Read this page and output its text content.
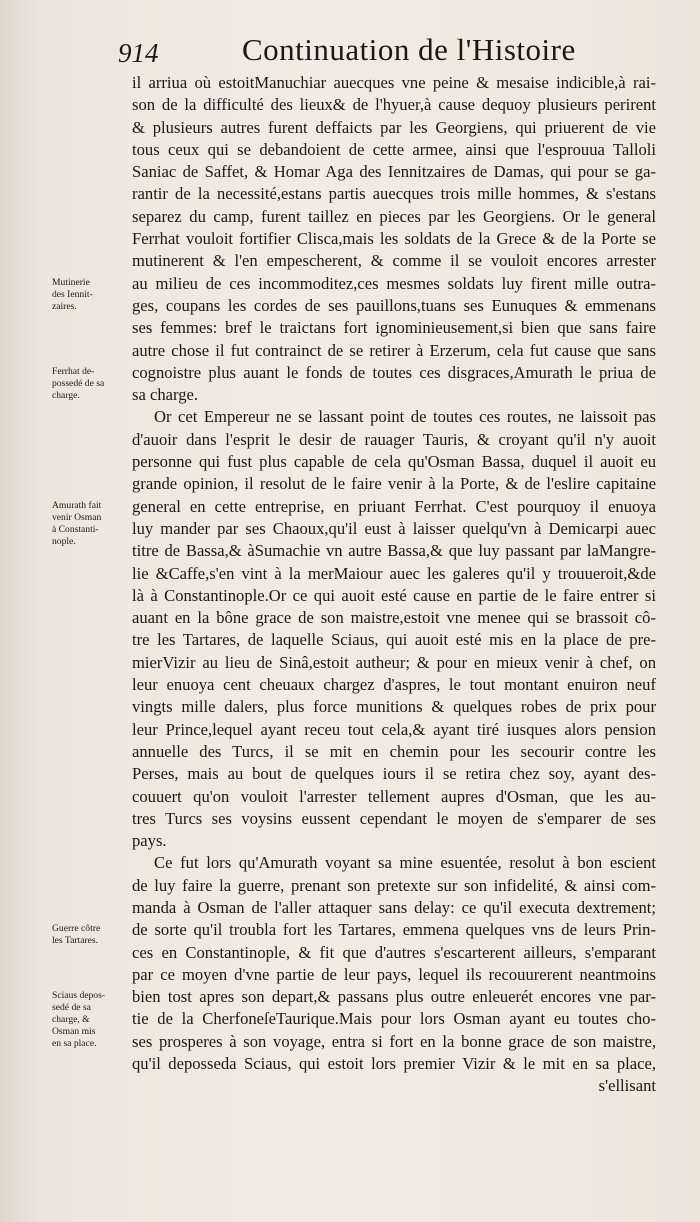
914	Continuation de l'Histoire
il arriua où estoitManuchiar auecques vne peine & mesaise indicible,à rai-
son de la difficulté des lieux& de l'hyuer,à cause dequoy plusieurs perirent
& plusieurs autres furent deffaicts par les Georgiens, qui priuerent de vie
tous ceux qui se debandoient de cette armee, ainsi que l'esprouua Talloli
Saniac de Saffet, & Homar Aga des Iennitzaires de Damas, qui pour se ga-
rantir de la necessité,estans partis auecques trois mille hommes, & s'estans
separez du camp, furent taillez en pieces par les Georgiens. Or le general
Ferrhat vouloit fortifier Clisca,mais les soldats de la Grece & de la Porte se
mutinerent & l'en empescherent, & comme il se vouloit encores arrester
au milieu de ces incommoditez,ces mesmes soldats luy firent mille outra-
ges, coupans les cordes de ses pauillons,tuans ses Eunuques & emmenans
ses femmes: bref le traictans fort ignominieusement,si bien que sans faire
autre chose il fut contrainct de se retirer à Erzerum, cela fut cause que sans
cognoistre plus auant le fonds de toutes ces disgraces,Amurath le priua de
sa charge.
Or cet Empereur ne se lassant point de toutes ces routes, ne laissoit pas
d'auoir dans l'esprit le desir de rauager Tauris, & croyant qu'il n'y auoit
personne qui fust plus capable de cela qu'Osman Bassa, duquel il auoit eu
grande opinion, il resolut de le faire venir à la Porte, & de l'eslire capitaine
general en cette entreprise, en priuant Ferrhat. C'est pourquoy il enuoya
luy mander par ses Chaoux,qu'il eust à laisser quelqu'vn à Demicarpi auec
titre de Bassa,& àSumachie vn autre Bassa,& que luy passant par laMangre-
lie &Caffe,s'en vint à la merMaiour auec les galeres qu'il y trouueroit,&de
là à Constantinople.Or ce qui auoit esté cause en partie de le faire entrer si
auant en la bône grace de son maistre,estoit vne menee qui se brassoit cô-
tre les Tartares, de laquelle Sciaus, qui auoit esté mis en la place de pre-
mierVizir au lieu de Sinâ,estoit autheur; & pour en mieux venir à chef, on
leur enuoya cent cheuaux chargez d'aspres, le tout montant enuiron neuf
vingts mille dalers, plus force munitions & quelques robes de prix pour
leur Prince,lequel ayant receu tout cela,& ayant tiré iusques alors pension
annuelle des Turcs, il se mit en chemin pour les secourir contre les
Perses, mais au bout de quelques iours il se retira chez soy, ayant des-
couuert qu'on vouloit l'arrester tellement aupres d'Osman, que les au-
tres Turcs ses voysins eussent cependant le moyen de s'emparer de ses
pays.
Ce fut lors qu'Amurath voyant sa mine esuentée, resolut à bon escient
de luy faire la guerre, prenant son pretexte sur son infidelité, & ainsi com-
manda à Osman de l'aller attaquer sans delay: ce qu'il executa dextrement;
de sorte qu'il troubla fort les Tartares, emmena quelques vns de leurs Prin-
ces en Constantinople, & fit que d'autres s'escarterent ailleurs, s'emparant
par ce moyen d'vne partie de leur pays, lequel ils recouurerent neantmoins
bien tost apres son depart,& passans plus outre enleuerét encores vne par-
tie de la CherfoneſeTaurique.Mais pour lors Osman ayant eu toutes cho-
ses prosperes à son voyage, entra si fort en la bonne grace de son maistre,
qu'il deposseda Sciaus, qui estoit lors premier Vizir & le mit en sa place,
s'ellisant
Mutinerie
des Iennit-
zaires.
Ferrhat de-
possedé de sa
charge.
Amurath fait
venir Osman
à Constanti-
nople.
Guerre côtre
les Tartares.
Sciaus depos-
sedé de sa
charge, &
Osman mis
en sa place.
